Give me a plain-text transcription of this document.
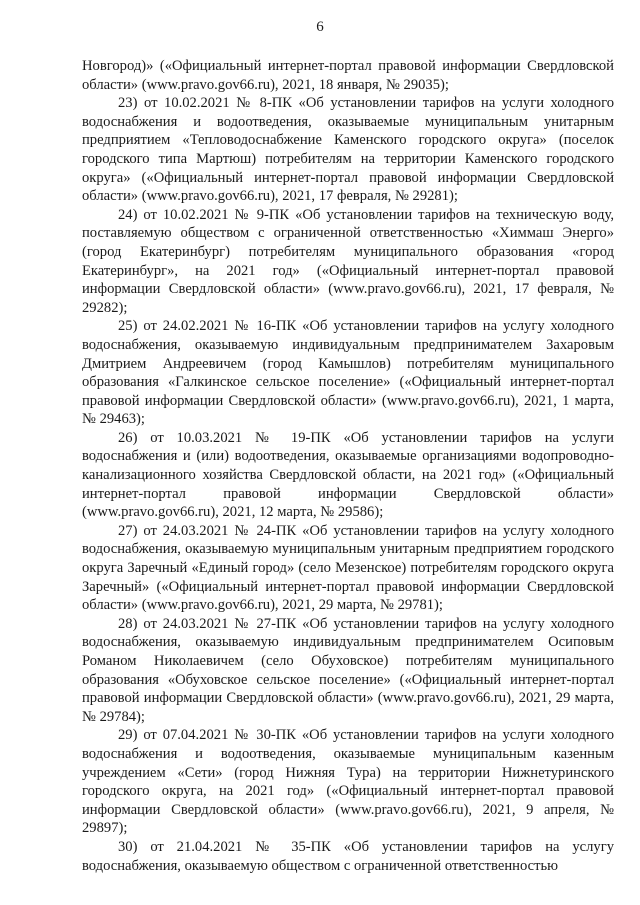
6

Новгород)» («Официальный интернет-портал правовой информации Свердловской области» (www.pravo.gov66.ru), 2021, 18 января, № 29035);

23) от 10.02.2021 № 8-ПК «Об установлении тарифов на услуги холодного водоснабжения и водоотведения, оказываемые муниципальным унитарным предприятием «Тепловодоснабжение Каменского городского округа» (поселок городского типа Мартюш) потребителям на территории Каменского городского округа» («Официальный интернет-портал правовой информации Свердловской области» (www.pravo.gov66.ru), 2021, 17 февраля, № 29281);

24) от 10.02.2021 № 9-ПК «Об установлении тарифов на техническую воду, поставляемую обществом с ограниченной ответственностью «Химмаш Энерго» (город Екатеринбург) потребителям муниципального образования «город Екатеринбург», на 2021 год» («Официальный интернет-портал правовой информации Свердловской области» (www.pravo.gov66.ru), 2021, 17 февраля, № 29282);

25) от 24.02.2021 № 16-ПК «Об установлении тарифов на услугу холодного водоснабжения, оказываемую индивидуальным предпринимателем Захаровым Дмитрием Андреевичем (город Камышлов) потребителям муниципального образования «Галкинское сельское поселение» («Официальный интернет-портал правовой информации Свердловской области» (www.pravo.gov66.ru), 2021, 1 марта, № 29463);

26) от 10.03.2021 № 19-ПК «Об установлении тарифов на услуги водоснабжения и (или) водоотведения, оказываемые организациями водопроводно-канализационного хозяйства Свердловской области, на 2021 год» («Официальный интернет-портал правовой информации Свердловской области» (www.pravo.gov66.ru), 2021, 12 марта, № 29586);

27) от 24.03.2021 № 24-ПК «Об установлении тарифов на услугу холодного водоснабжения, оказываемую муниципальным унитарным предприятием городского округа Заречный «Единый город» (село Мезенское) потребителям городского округа Заречный» («Официальный интернет-портал правовой информации Свердловской области» (www.pravo.gov66.ru), 2021, 29 марта, № 29781);

28) от 24.03.2021 № 27-ПК «Об установлении тарифов на услугу холодного водоснабжения, оказываемую индивидуальным предпринимателем Осиповым Романом Николаевичем (село Обуховское) потребителям муниципального образования «Обуховское сельское поселение» («Официальный интернет-портал правовой информации Свердловской области» (www.pravo.gov66.ru), 2021, 29 марта, № 29784);

29) от 07.04.2021 № 30-ПК «Об установлении тарифов на услуги холодного водоснабжения и водоотведения, оказываемые муниципальным казенным учреждением «Сети» (город Нижняя Тура) на территории Нижнетуринского городского округа, на 2021 год» («Официальный интернет-портал правовой информации Свердловской области» (www.pravo.gov66.ru), 2021, 9 апреля, № 29897);

30) от 21.04.2021 № 35-ПК «Об установлении тарифов на услугу водоснабжения, оказываемую обществом с ограниченной ответственностью
